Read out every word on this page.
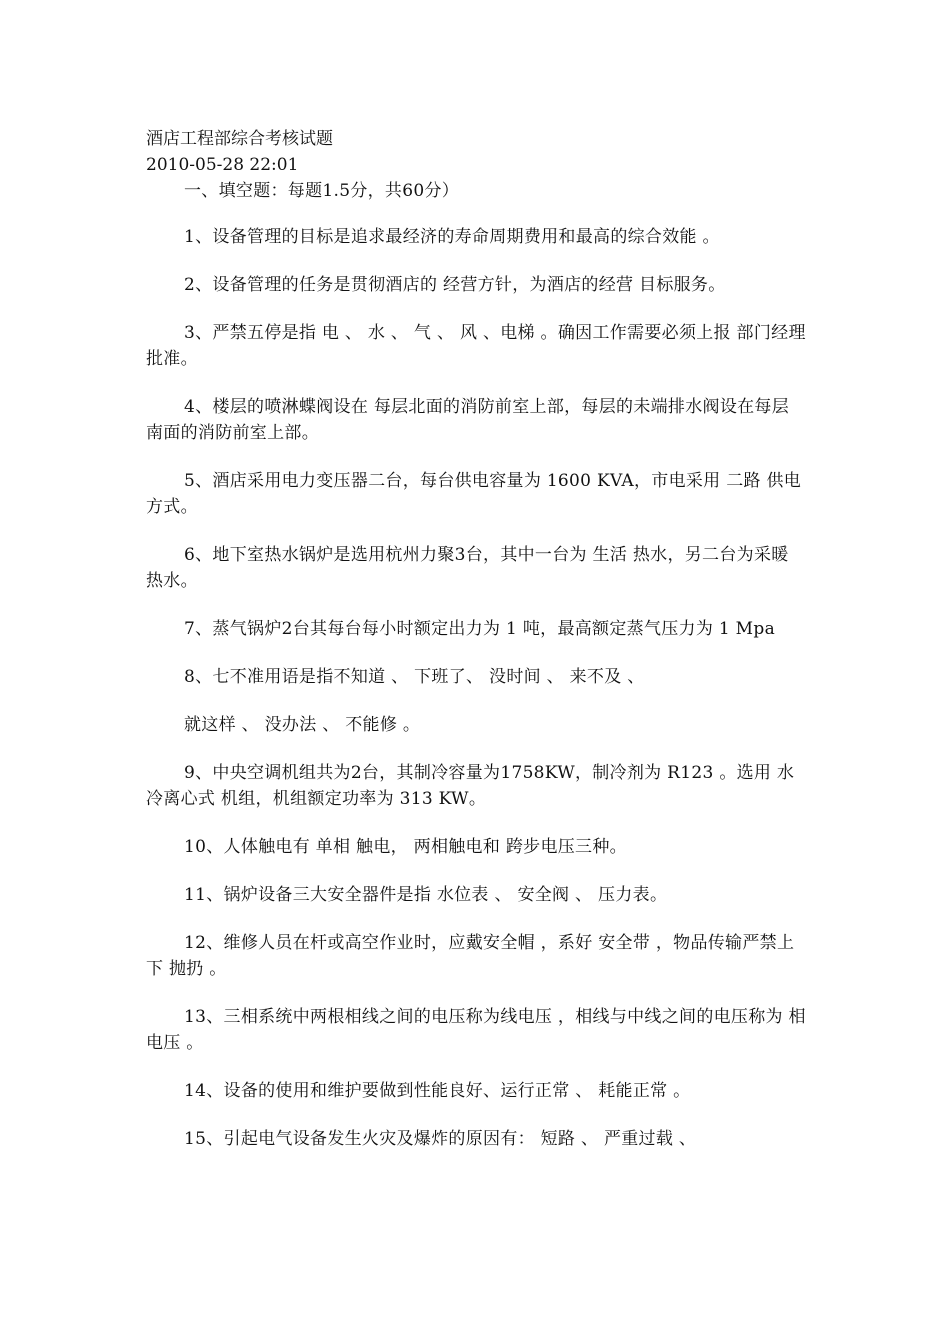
酒店工程部综合考核试题
2010-05-28 22:01

一、填空题：每题1.5分，共60分）

1、设备管理的目标是追求最经济的寿命周期费用和最高的综合效能 。

2、设备管理的任务是贯彻酒店的 经营方针，为酒店的经营 目标服务。

3、严禁五停是指 电 、 水 、 气 、 风 、电梯 。确因工作需要必须上报 部门经理 批准。

4、楼层的喷淋蝶阀设在 每层北面的消防前室上部，每层的未端排水阀设在每层南面的消防前室上部。

5、酒店采用电力变压器二台，每台供电容量为 1600 KVA，市电采用 二路 供电方式。

6、地下室热水锅炉是选用杭州力聚3台，其中一台为 生活 热水，另二台为采暖 热水。

7、蒸气锅炉2台其每台每小时额定出力为 1 吨，最高额定蒸气压力为 1 Mpa

8、七不准用语是指不知道 、 下班了、 没时间 、 来不及 、

就这样 、 没办法 、 不能修 。

9、中央空调机组共为2台，其制冷容量为1758KW，制冷剂为 R123 。选用 水冷离心式 机组，机组额定功率为 313 KW。

10、人体触电有 单相 触电， 两相触电和 跨步电压三种。

11、锅炉设备三大安全器件是指 水位表 、 安全阀 、 压力表。

12、维修人员在杆或高空作业时，应戴安全帽 ，系好 安全带 ，物品传输严禁上下 抛扔 。

13、三相系统中两根相线之间的电压称为线电压 ，相线与中线之间的电压称为 相电压 。

14、设备的使用和维护要做到性能良好、运行正常 、 耗能正常 。

15、引起电气设备发生火灾及爆炸的原因有： 短路 、 严重过载 、
